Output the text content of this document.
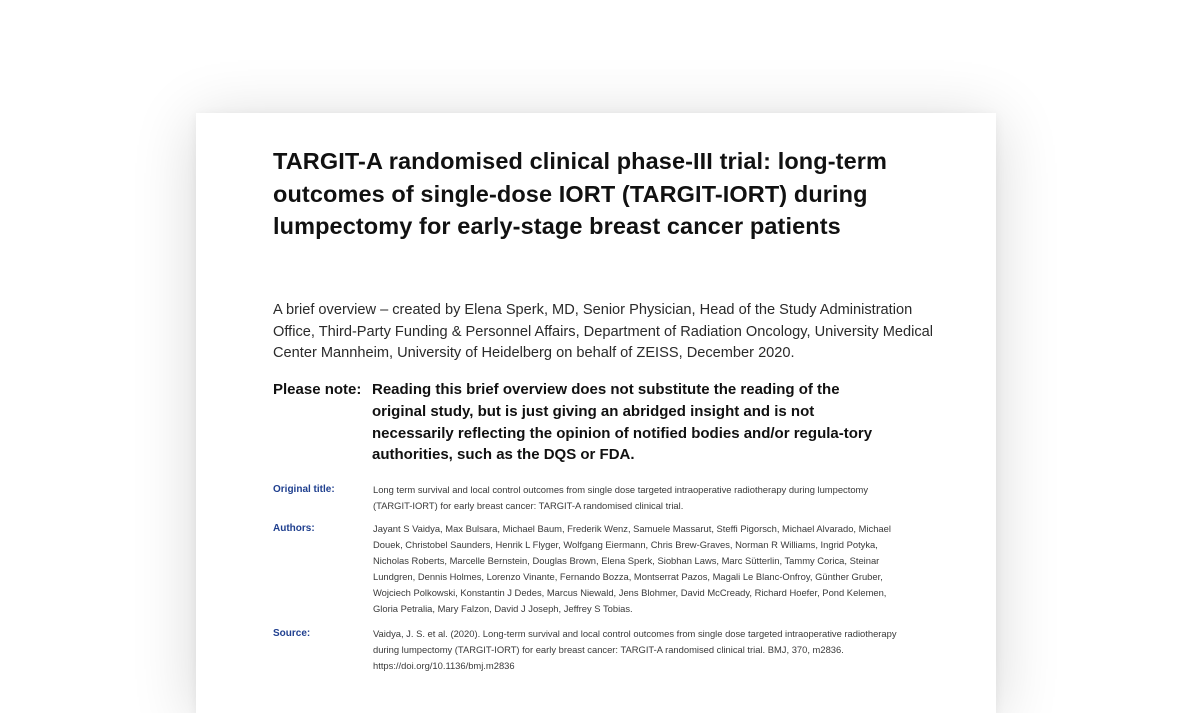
TARGIT-A randomised clinical phase-III trial: long-term outcomes of single-dose IORT (TARGIT-IORT) during lumpectomy for early-stage breast cancer patients

A brief overview – created by Elena Sperk, MD, Senior Physician, Head of the Study Administration Office, Third-Party Funding & Personnel Affairs, Department of Radiation Oncology, University Medical Center Mannheim, University of Heidelberg on behalf of ZEISS, December 2020.

Please note: Reading this brief overview does not substitute the reading of the original study, but is just giving an abridged insight and is not necessarily reflecting the opinion of notified bodies and/or regula-tory authorities, such as the DQS or FDA.
Original title:	Long term survival and local control outcomes from single dose targeted intraoperative radiotherapy during lumpectomy (TARGIT-IORT) for early breast cancer: TARGIT-A randomised clinical trial.
Authors:	Jayant S Vaidya, Max Bulsara, Michael Baum, Frederik Wenz, Samuele Massarut, Steffi Pigorsch, Michael Alvarado, Michael Douek, Christobel Saunders, Henrik L Flyger, Wolfgang Eiermann, Chris Brew-Graves, Norman R Williams, Ingrid Potyka, Nicholas Roberts, Marcelle Bernstein, Douglas Brown, Elena Sperk, Siobhan Laws, Marc Sütterlin, Tammy Corica, Steinar Lundgren, Dennis Holmes, Lorenzo Vinante, Fernando Bozza, Montserrat Pazos, Magali Le Blanc-Onfroy, Günther Gruber, Wojciech Polkowski, Konstantin J Dedes, Marcus Niewald, Jens Blohmer, David McCready, Richard Hoefer, Pond Kelemen, Gloria Petralia, Mary Falzon, David J Joseph, Jeffrey S Tobias.
Source:	Vaidya, J. S. et al. (2020). Long-term survival and local control outcomes from single dose targeted intraoperative radiotherapy during lumpectomy (TARGIT-IORT) for early breast cancer: TARGIT-A randomised clinical trial. BMJ, 370, m2836. https://doi.org/10.1136/bmj.m2836
